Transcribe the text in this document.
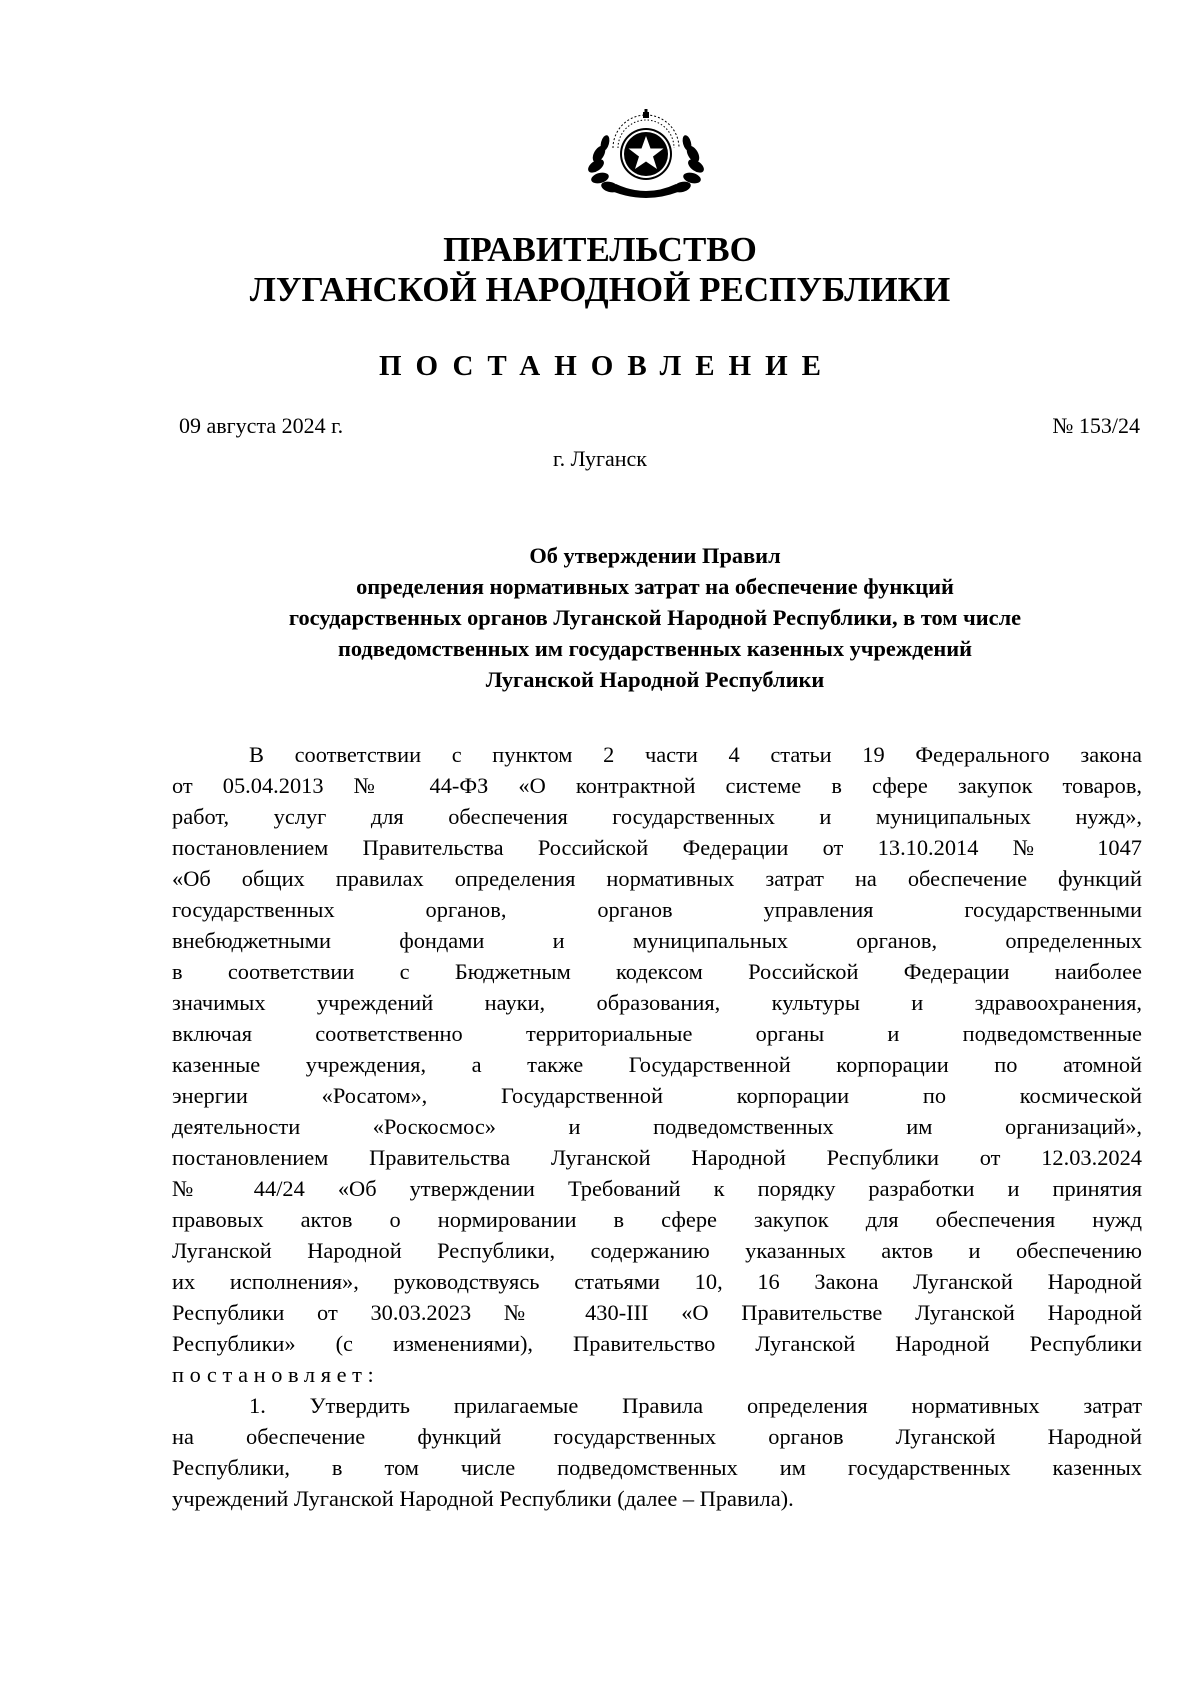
ПРАВИТЕЛЬСТВО
ЛУГАНСКОЙ НАРОДНОЙ РЕСПУБЛИКИ
ПОСТАНОВЛЕНИЕ
09 августа 2024 г.	№ 153/24
г. Луганск
Об утверждении Правил
определения нормативных затрат на обеспечение функций
государственных органов Луганской Народной Республики, в том числе
подведомственных им государственных казенных учреждений
Луганской Народной Республики

В соответствии с пунктом 2 части 4 статьи 19 Федерального закона

от 05.04.2013 № 44-ФЗ «О контрактной системе в сфере закупок товаров,

работ, услуг для обеспечения государственных и муниципальных нужд»,

постановлением Правительства Российской Федерации от 13.10.2014 № 1047

«Об общих правилах определения нормативных затрат на обеспечение функций

государственных органов, органов управления государственными

внебюджетными фондами и муниципальных органов, определенных

в соответствии с Бюджетным кодексом Российской Федерации наиболее

значимых учреждений науки, образования, культуры и здравоохранения,

включая соответственно территориальные органы и подведомственные

казенные учреждения, а также Государственной корпорации по атомной

энергии «Росатом», Государственной корпорации по космической

деятельности «Роскосмос» и подведомственных им организаций»,

постановлением Правительства Луганской Народной Республики от 12.03.2024

№ 44/24 «Об утверждении Требований к порядку разработки и принятия

правовых актов о нормировании в сфере закупок для обеспечения нужд

Луганской Народной Республики, содержанию указанных актов и обеспечению

их исполнения», руководствуясь статьями 10, 16 Закона Луганской Народной

Республики от 30.03.2023 № 430-III «О Правительстве Луганской Народной

Республики» (с изменениями), Правительство Луганской Народной Республики

постановляет:

1. Утвердить прилагаемые Правила определения нормативных затрат

на обеспечение функций государственных органов Луганской Народной

Республики, в том числе подведомственных им государственных казенных

учреждений Луганской Народной Республики (далее – Правила).
